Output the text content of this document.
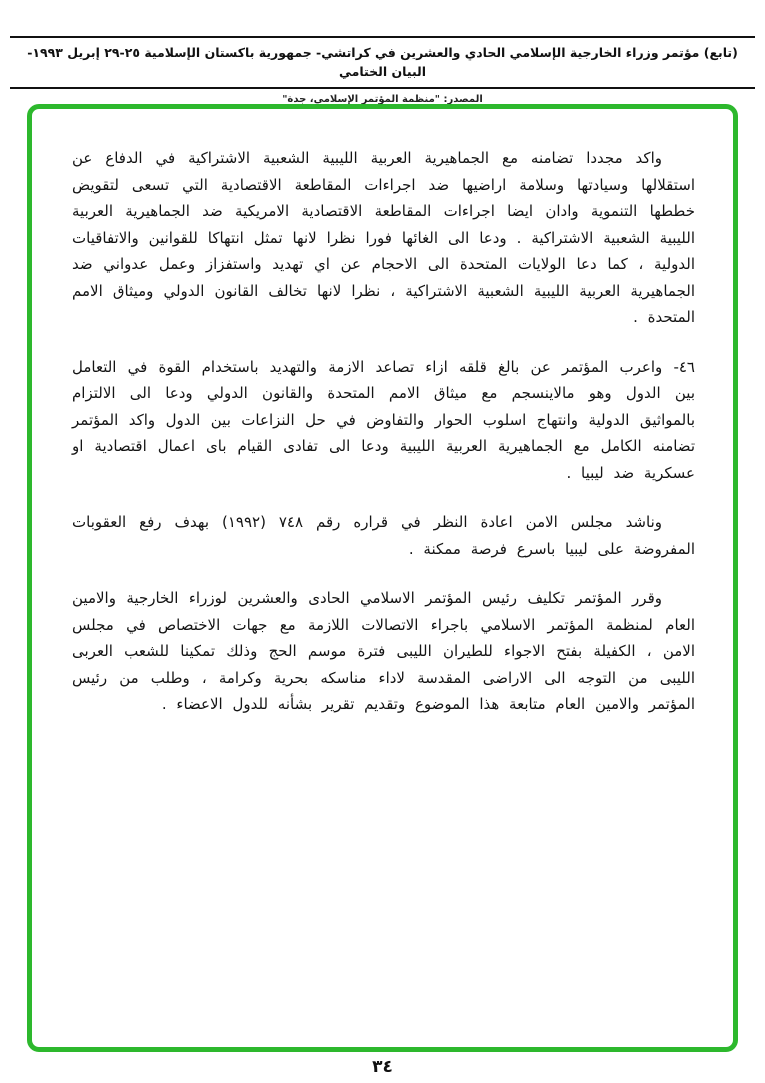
(تابع) مؤتمر وزراء الخارجية الإسلامي الحادي والعشرين في كراتشي- جمهورية باكستان الإسلامية ٢٥-٢٩ إبريل ١٩٩٣- البيان الختامي
المصدر: "منظمة المؤتمر الإسلامي، جدة"

واكد مجددا تضامنه مع الجماهيرية العربية الليبية الشعبية الاشتراكية في الدفاع عن استقلالها وسيادتها وسلامة اراضيها ضد اجراءات المقاطعة الاقتصادية التي تسعى لتقويض خططها التنموية وادان ايضا اجراءات المقاطعة الاقتصادية الامريكية ضد الجماهيرية العربية الليبية الشعبية الاشتراكية . ودعا الى الغائها فورا نظرا لانها تمثل انتهاكا للقوانين والاتفاقيات الدولية ، كما دعا الولايات المتحدة الى الاحجام عن اي تهديد واستفزاز وعمل عدواني ضد الجماهيرية العربية الليبية الشعبية الاشتراكية ، نظرا لانها تخالف القانون الدولي وميثاق الامم المتحدة .

٤٦- واعرب المؤتمر عن بالغ قلقه ازاء تصاعد الازمة والتهديد باستخدام القوة في التعامل بين الدول وهو مالاينسجم مع ميثاق الامم المتحدة والقانون الدولي ودعا الى الالتزام بالمواثيق الدولية وانتهاج اسلوب الحوار والتفاوض في حل النزاعات بين الدول واكد المؤتمر تضامنه الكامل مع الجماهيرية العربية الليبية ودعا الى تفادى القيام باى اعمال اقتصادية او عسكرية ضد ليبيا .

وناشد مجلس الامن اعادة النظر في قراره رقم ٧٤٨ (١٩٩٢) بهدف رفع العقوبات المفروضة على ليبيا باسرع فرصة ممكنة .

وقرر المؤتمر تكليف رئيس المؤتمر الاسلامي الحادى والعشرين لوزراء الخارجية والامين العام لمنظمة المؤتمر الاسلامي باجراء الاتصالات اللازمة مع جهات الاختصاص في مجلس الامن ، الكفيلة بفتح الاجواء للطيران الليبى فترة موسم الحج وذلك تمكينا للشعب العربى الليبى من التوجه الى الاراضى المقدسة لاداء مناسكه بحرية وكرامة ، وطلب من رئيس المؤتمر والامين العام متابعة هذا الموضوع وتقديم تقرير بشأنه للدول الاعضاء .

٣٤
